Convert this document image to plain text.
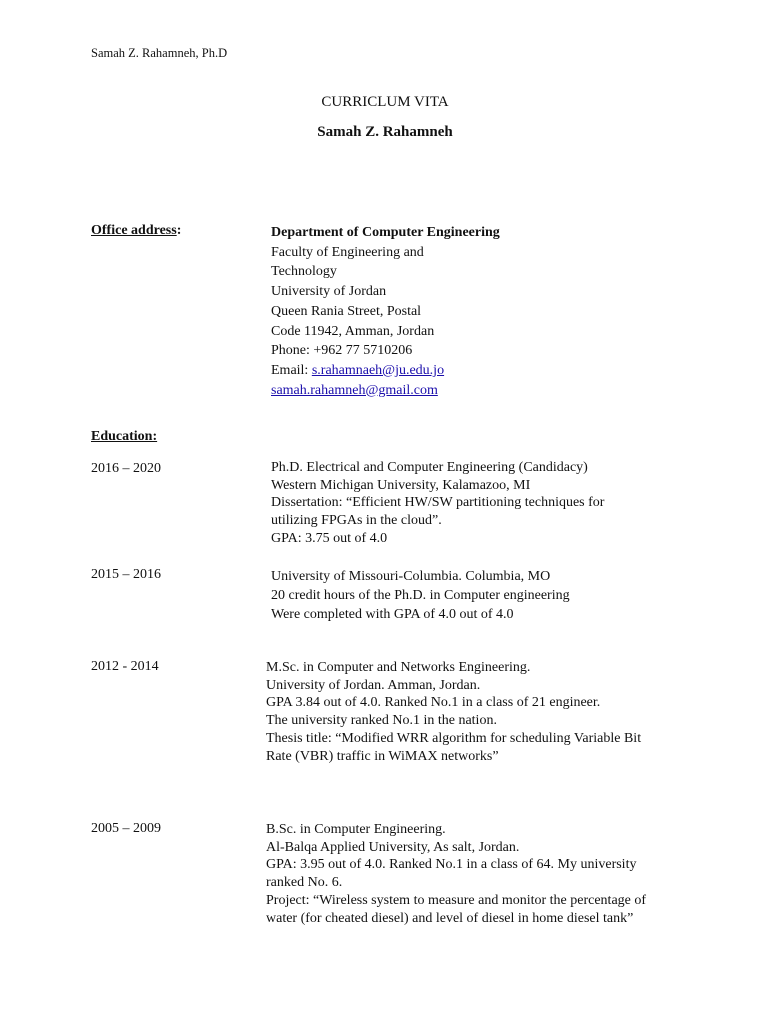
Samah Z. Rahamneh, Ph.D
CURRICLUM VITA
Samah Z. Rahamneh
Office address:	Department of Computer Engineering
Faculty of Engineering and
Technology
University of Jordan
Queen Rania Street, Postal
Code 11942, Amman, Jordan
Phone: +962 77 5710206
Email: s.rahamnaeh@ju.edu.jo
samah.rahamneh@gmail.com
Education:
2016 – 2020	Ph.D. Electrical and Computer Engineering (Candidacy)
Western Michigan University, Kalamazoo, MI
Dissertation: “Efficient HW/SW partitioning techniques for
utilizing FPGAs in the cloud”.
GPA: 3.75 out of 4.0
2015 – 2016	University of Missouri-Columbia. Columbia, MO
20 credit hours of the Ph.D. in Computer engineering
Were completed with GPA of 4.0 out of 4.0
2012 - 2014	M.Sc. in Computer and Networks Engineering.
University of Jordan. Amman, Jordan.
GPA 3.84 out of 4.0. Ranked No.1 in a class of 21 engineer.
The university ranked No.1 in the nation.
Thesis title: “Modified WRR algorithm for scheduling Variable Bit
Rate (VBR) traffic in WiMAX networks”
2005 – 2009	B.Sc. in Computer Engineering.
Al-Balqa Applied University, As salt, Jordan.
GPA: 3.95 out of 4.0. Ranked No.1 in a class of 64. My university
ranked No. 6.
Project: “Wireless system to measure and monitor the percentage of
water (for cheated diesel) and level of diesel in home diesel tank”
